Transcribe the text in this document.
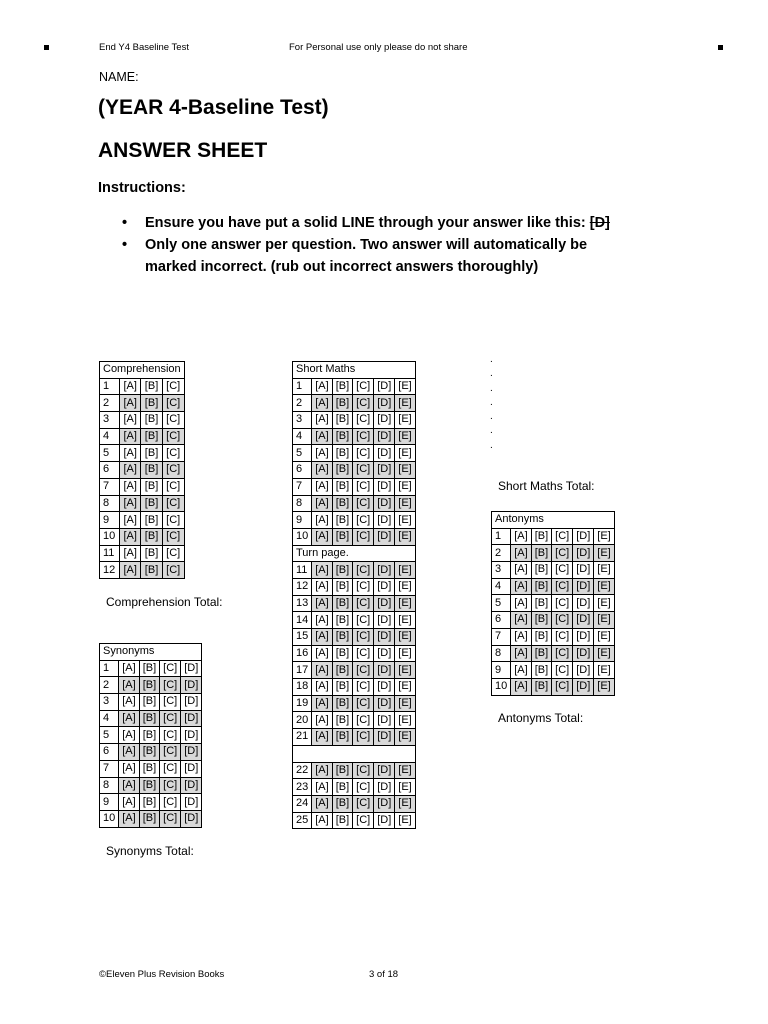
End Y4 Baseline Test	For Personal use only please do not share
NAME:
(YEAR 4-Baseline Test)
ANSWER SHEET
Instructions:
• Ensure you have put a solid LINE through your answer like this: [D]
• Only one answer per question. Two answer will automatically be marked incorrect. (rub out incorrect answers thoroughly)
.
.
.
.
.
.
.
Comprehension			
1	[A]	[B]	[C]
2	[A]	[B]	[C]
3	[A]	[B]	[C]
4	[A]	[B]	[C]
5	[A]	[B]	[C]
6	[A]	[B]	[C]
7	[A]	[B]	[C]
8	[A]	[B]	[C]
9	[A]	[B]	[C]
10	[A]	[B]	[C]
11	[A]	[B]	[C]
12	[A]	[B]	[C]
Comprehension Total:
Synonyms				
1	[A]	[B]	[C]	[D]
2	[A]	[B]	[C]	[D]
3	[A]	[B]	[C]	[D]
4	[A]	[B]	[C]	[D]
5	[A]	[B]	[C]	[D]
6	[A]	[B]	[C]	[D]
7	[A]	[B]	[C]	[D]
8	[A]	[B]	[C]	[D]
9	[A]	[B]	[C]	[D]
10	[A]	[B]	[C]	[D]
Synonyms Total:
Short Maths					
1	[A]	[B]	[C]	[D]	[E]
2	[A]	[B]	[C]	[D]	[E]
3	[A]	[B]	[C]	[D]	[E]
4	[A]	[B]	[C]	[D]	[E]
5	[A]	[B]	[C]	[D]	[E]
6	[A]	[B]	[C]	[D]	[E]
7	[A]	[B]	[C]	[D]	[E]
8	[A]	[B]	[C]	[D]	[E]
9	[A]	[B]	[C]	[D]	[E]
10	[A]	[B]	[C]	[D]	[E]
Turn page.					
11	[A]	[B]	[C]	[D]	[E]
12	[A]	[B]	[C]	[D]	[E]
13	[A]	[B]	[C]	[D]	[E]
14	[A]	[B]	[C]	[D]	[E]
15	[A]	[B]	[C]	[D]	[E]
16	[A]	[B]	[C]	[D]	[E]
17	[A]	[B]	[C]	[D]	[E]
18	[A]	[B]	[C]	[D]	[E]
19	[A]	[B]	[C]	[D]	[E]
20	[A]	[B]	[C]	[D]	[E]
21	[A]	[B]	[C]	[D]	[E]

22	[A]	[B]	[C]	[D]	[E]
23	[A]	[B]	[C]	[D]	[E]
24	[A]	[B]	[C]	[D]	[E]
25	[A]	[B]	[C]	[D]	[E]
Short Maths Total:
Antonyms					
1	[A]	[B]	[C]	[D]	[E]
2	[A]	[B]	[C]	[D]	[E]
3	[A]	[B]	[C]	[D]	[E]
4	[A]	[B]	[C]	[D]	[E]
5	[A]	[B]	[C]	[D]	[E]
6	[A]	[B]	[C]	[D]	[E]
7	[A]	[B]	[C]	[D]	[E]
8	[A]	[B]	[C]	[D]	[E]
9	[A]	[B]	[C]	[D]	[E]
10	[A]	[B]	[C]	[D]	[E]
Antonyms Total:
©Eleven Plus Revision Books	3 of 18
